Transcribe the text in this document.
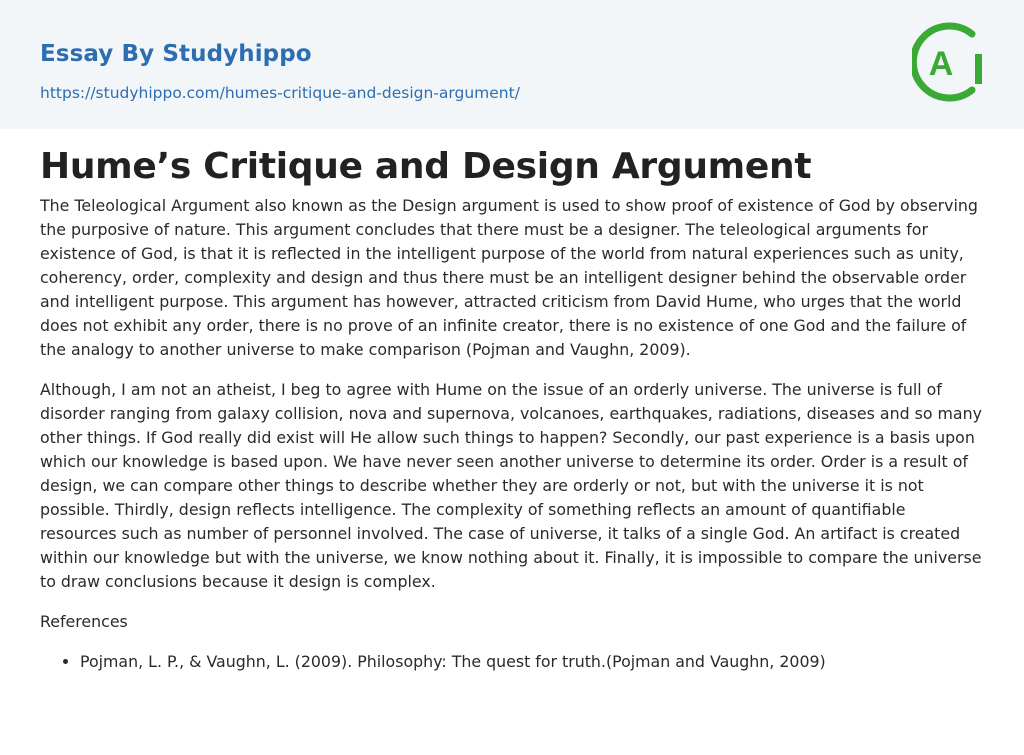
Essay By Studyhippo
https://studyhippo.com/humes-critique-and-design-argument/
A
Hume’s Critique and Design Argument

The Teleological Argument also known as the Design argument is used to show proof of existence of God by observing the purposive of nature. This argument concludes that there must be a designer. The teleological arguments for existence of God, is that it is reflected in the intelligent purpose of the world from natural experiences such as unity, coherency, order, complexity and design and thus there must be an intelligent designer behind the observable order and intelligent purpose. This argument has however, attracted criticism from David Hume, who urges that the world does not exhibit any order, there is no prove of an infinite creator, there is no existence of one God and the failure of the analogy to another universe to make comparison (Pojman and Vaughn, 2009).

Although, I am not an atheist, I beg to agree with Hume on the issue of an orderly universe. The universe is full of disorder ranging from galaxy collision, nova and supernova, volcanoes, earthquakes, radiations, diseases and so many other things. If God really did exist will He allow such things to happen? Secondly, our past experience is a basis upon which our knowledge is based upon. We have never seen another universe to determine its order. Order is a result of design, we can compare other things to describe whether they are orderly or not, but with the universe it is not possible. Thirdly, design reflects intelligence. The complexity of something reflects an amount of quantifiable resources such as number of personnel involved. The case of universe, it talks of a single God. An artifact is created within our knowledge but with the universe, we know nothing about it. Finally, it is impossible to compare the universe to draw conclusions because it design is complex.

References

• Pojman, L. P., & Vaughn, L. (2009). Philosophy: The quest for truth.(Pojman and Vaughn, 2009)
